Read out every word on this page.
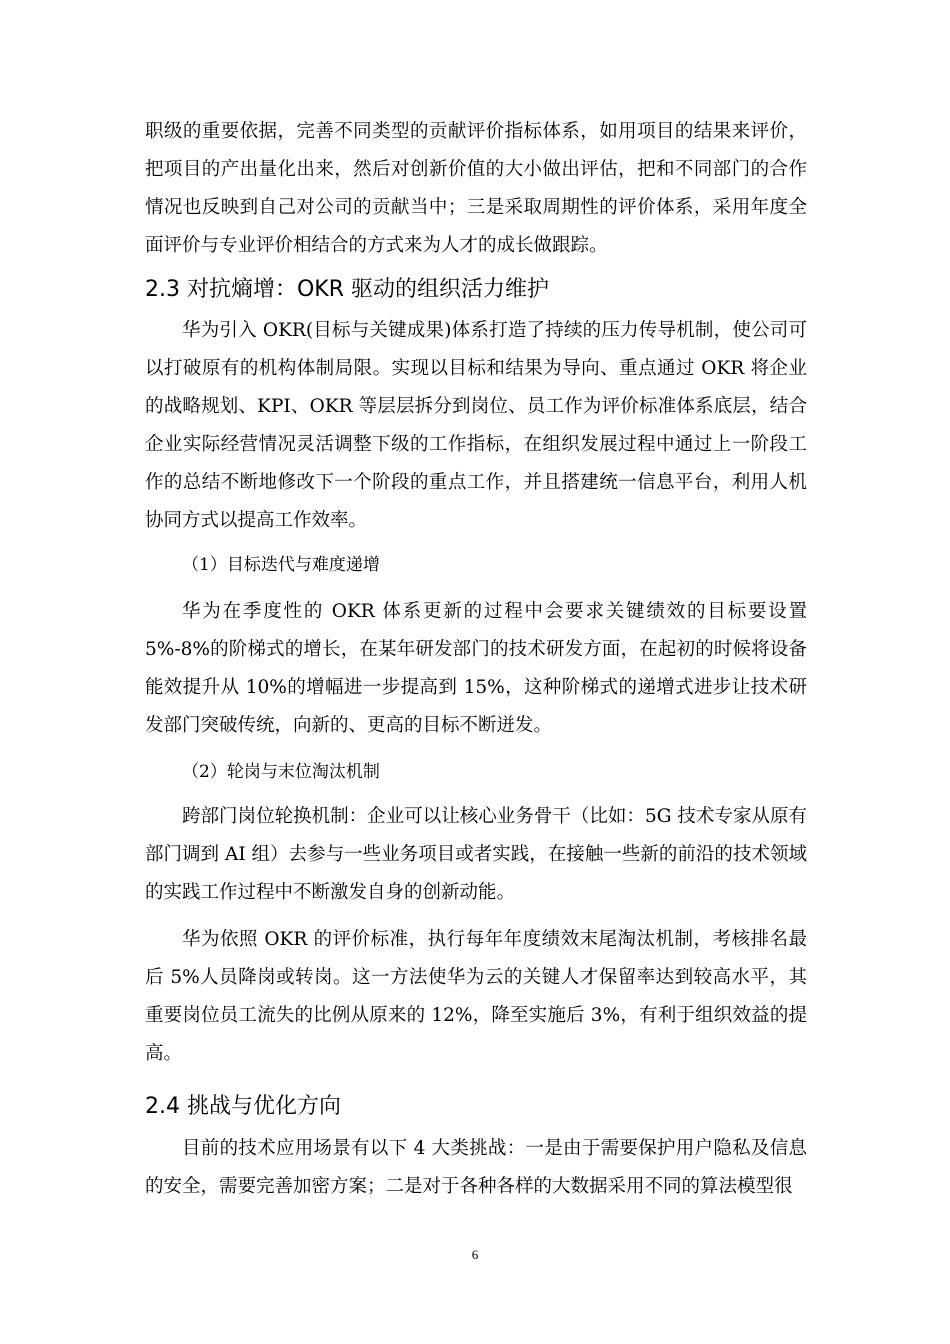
职级的重要依据，完善不同类型的贡献评价指标体系，如用项目的结果来评价，把项目的产出量化出来，然后对创新价值的大小做出评估，把和不同部门的合作情况也反映到自己对公司的贡献当中；三是采取周期性的评价体系，采用年度全面评价与专业评价相结合的方式来为人才的成长做跟踪。

2.3 对抗熵增：OKR 驱动的组织活力维护

华为引入 OKR(目标与关键成果)体系打造了持续的压力传导机制，使公司可以打破原有的机构体制局限。实现以目标和结果为导向、重点通过 OKR 将企业的战略规划、KPI、OKR 等层层拆分到岗位、员工作为评价标准体系底层，结合企业实际经营情况灵活调整下级的工作指标，在组织发展过程中通过上一阶段工作的总结不断地修改下一个阶段的重点工作，并且搭建统一信息平台，利用人机协同方式以提高工作效率。

（1）目标迭代与难度递增

华为在季度性的 OKR 体系更新的过程中会要求关键绩效的目标要设置 5%-8%的阶梯式的增长，在某年研发部门的技术研发方面，在起初的时候将设备能效提升从 10%的增幅进一步提高到 15%，这种阶梯式的递增式进步让技术研发部门突破传统，向新的、更高的目标不断迸发。

（2）轮岗与末位淘汰机制

跨部门岗位轮换机制：企业可以让核心业务骨干（比如：5G 技术专家从原有部门调到 AI 组）去参与一些业务项目或者实践，在接触一些新的前沿的技术领域的实践工作过程中不断激发自身的创新动能。

华为依照 OKR 的评价标准，执行每年年度绩效末尾淘汰机制，考核排名最后 5%人员降岗或转岗。这一方法使华为云的关键人才保留率达到较高水平，其重要岗位员工流失的比例从原来的 12%，降至实施后 3%，有利于组织效益的提高。

2.4 挑战与优化方向

目前的技术应用场景有以下 4 大类挑战：一是由于需要保护用户隐私及信息的安全，需要完善加密方案；二是对于各种各样的大数据采用不同的算法模型很

6
